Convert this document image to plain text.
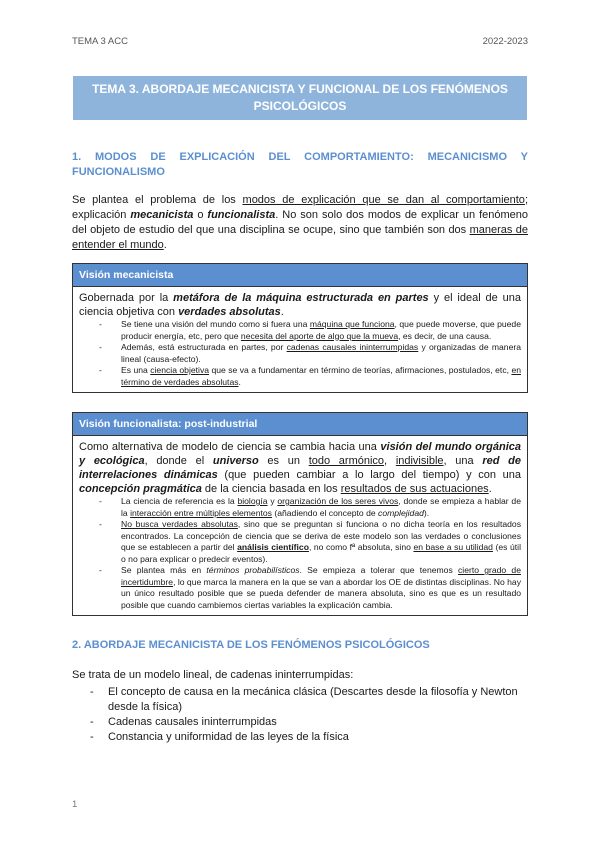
TEMA 3 ACC	2022-2023
TEMA 3. ABORDAJE MECANICISTA Y FUNCIONAL DE LOS FENÓMENOS PSICOLÓGICOS
1. MODOS DE EXPLICACIÓN DEL COMPORTAMIENTO: MECANICISMO Y FUNCIONALISMO
Se plantea el problema de los modos de explicación que se dan al comportamiento; explicación mecanicista o funcionalista. No son solo dos modos de explicar un fenómeno del objeto de estudio del que una disciplina se ocupe, sino que también son dos maneras de entender el mundo.
Visión mecanicista
Gobernada por la metáfora de la máquina estructurada en partes y el ideal de una ciencia objetiva con verdades absolutas.
- Se tiene una visión del mundo como si fuera una máquina que funciona, que puede moverse, que puede producir energía, etc, pero que necesita del aporte de algo que la mueva, es decir, de una causa.
- Además, está estructurada en partes, por cadenas causales ininterrumpidas y organizadas de manera lineal (causa-efecto).
- Es una ciencia objetiva que se va a fundamentar en término de teorías, afirmaciones, postulados, etc, en término de verdades absolutas.
Visión funcionalista: post-industrial
Como alternativa de modelo de ciencia se cambia hacia una visión del mundo orgánica y ecológica, donde el universo es un todo armónico, indivisible, una red de interrelaciones dinámicas (que pueden cambiar a lo largo del tiempo) y con una concepción pragmática de la ciencia basada en los resultados de sus actuaciones.
- La ciencia de referencia es la biología y organización de los seres vivos, donde se empieza a hablar de la interacción entre múltiples elementos (añadiendo el concepto de complejidad).
- No busca verdades absolutas, sino que se preguntan si funciona o no dicha teoría en los resultados encontrados. La concepción de ciencia que se deriva de este modelo son las verdades o conclusiones que se establecen a partir del análisis científico, no como fª absoluta, sino en base a su utilidad (es útil o no para explicar o predecir eventos).
- Se plantea más en términos probabilísticos. Se empieza a tolerar que tenemos cierto grado de incertidumbre, lo que marca la manera en la que se van a abordar los OE de distintas disciplinas. No hay un único resultado posible que se pueda defender de manera absoluta, sino es que es un resultado posible que cuando cambiemos ciertas variables la explicación cambia.
2. ABORDAJE MECANICISTA DE LOS FENÓMENOS PSICOLÓGICOS
Se trata de un modelo lineal, de cadenas ininterrumpidas:
- El concepto de causa en la mecánica clásica (Descartes desde la filosofía y Newton desde la física)
- Cadenas causales ininterrumpidas
- Constancia y uniformidad de las leyes de la física
1
